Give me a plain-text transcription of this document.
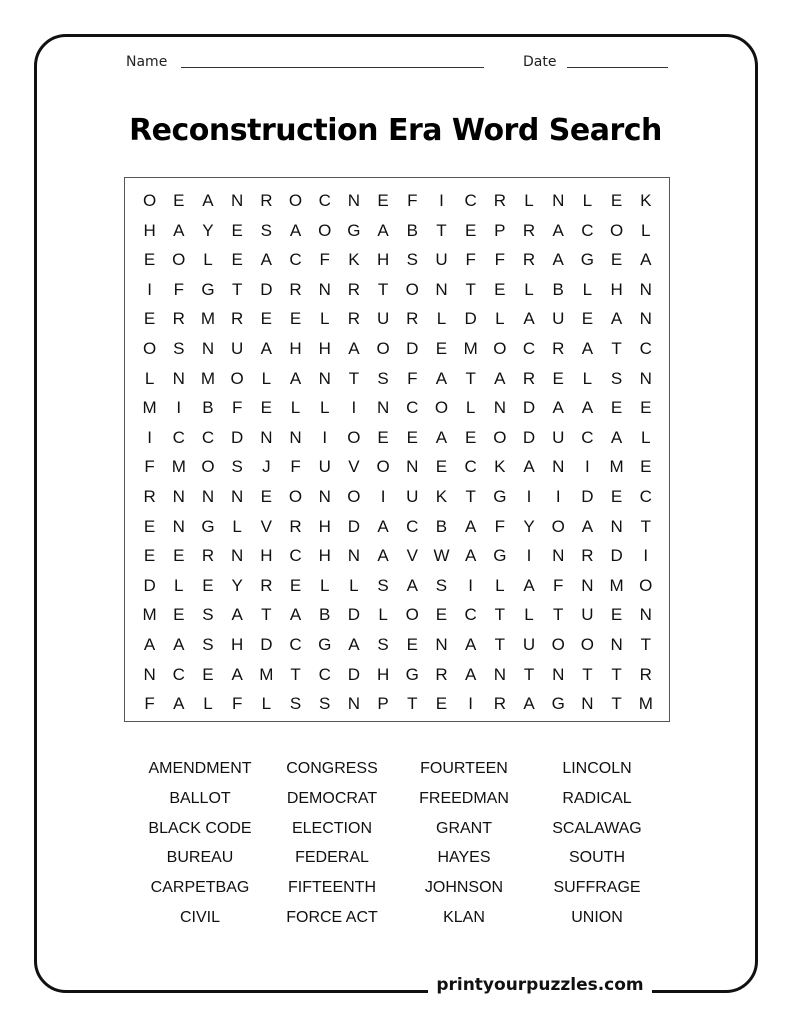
printyourpuzzles.com
Name	Date
Reconstruction Era Word Search
O E	A	N R O C N	E	F	I	C R	L	N	L	E	K
H	A	Y	E	S	A O G A	B	T	E	P	R	A	C O	L
E O	L	E	A	C	F	K	H	S	U	F	F	R	A G E	A
I	F	G	T	D R N R	T	O N	T	E	L	B	L	H N
E	R M R	E	E	L	R U R	L	D	L	A	U	E	A	N
O S	N U	A	H H	A O D	E M O C R	A	T	C
L	N M O	L	A	N	T	S	F	A	T	A	R	E	L	S	N
M	I	B	F	E	L	L	I	N C O	L	N D	A	A	E	E
I	C C D N N	I	O E	E	A	E O D U C	A	L
F M O S	J	F	U	V O N	E	C	K	A	N	I	M E
R N N N	E O N O	I	U	K	T	G	I	I	D	E	C
E	N G	L	V	R H D	A	C	B	A	F	Y O A	N	T
E	E	R N H C H N	A	V W A G	I	N R D	I
D	L	E	Y	R	E	L	L	S	A	S	I	L	A	F	N M O
M E	S	A	T	A	B	D	L	O E	C	T	L	T	U	E	N
A	A	S	H D C G A	S	E	N	A	T	U O O N	T
N C	E	A M T	C D H G R	A	N	T	N	T	T	R
F	A	L	F	L	S	S	N	P	T	E	I	R	A G N	T M
AMENDMENT	CONGRESS	FOURTEEN	LINCOLN
BALLOT	DEMOCRAT	FREEDMAN	RADICAL
BLACK CODE	ELECTION	GRANT	SCALAWAG
BUREAU	FEDERAL	HAYES	SOUTH
CARPETBAG	FIFTEENTH	JOHNSON	SUFFRAGE
CIVIL	FORCE ACT	KLAN	UNION
